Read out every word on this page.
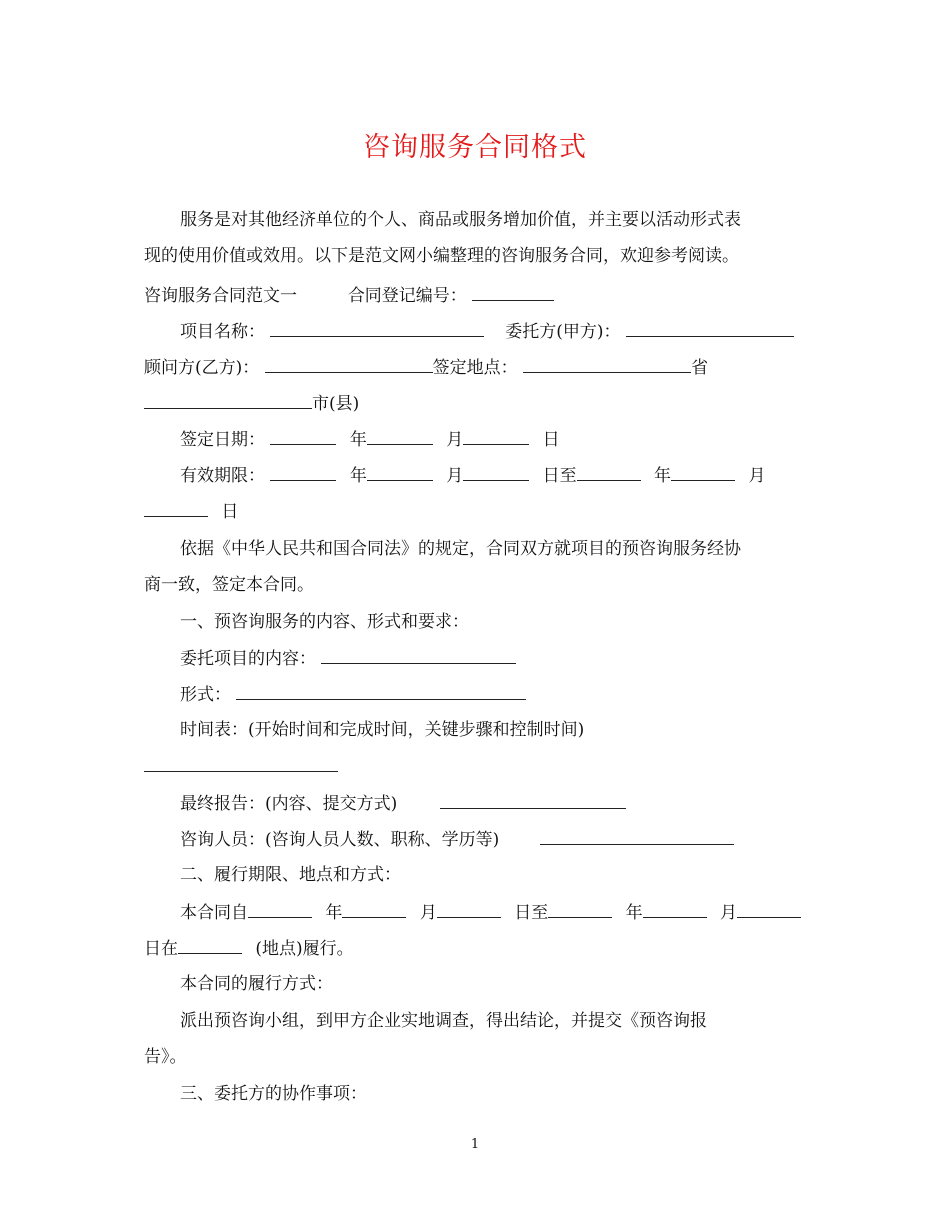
咨询服务合同格式
服务是对其他经济单位的个人、商品或服务增加价值，并主要以活动形式表
现的使用价值或效用。以下是范文网小编整理的咨询服务合同，欢迎参考阅读。
咨询服务合同范文一	合同登记编号：
项目名称：	委托方(甲方)：
顾问方(乙方)：	签定地点：	省
市(县)
签定日期：	年	月	日
有效期限：	年	月	日至	年	月
日
依据《中华人民共和国合同法》的规定，合同双方就项目的预咨询服务经协
商一致，签定本合同。
一、预咨询服务的内容、形式和要求：
委托项目的内容：
形式：
时间表：(开始时间和完成时间，关键步骤和控制时间)
最终报告：(内容、提交方式)
咨询人员：(咨询人员人数、职称、学历等)
二、履行期限、地点和方式：
本合同自	年	月	日至	年	月
日在	(地点)履行。
本合同的履行方式：
派出预咨询小组，到甲方企业实地调查，得出结论，并提交《预咨询报
告》。
三、委托方的协作事项：
1
